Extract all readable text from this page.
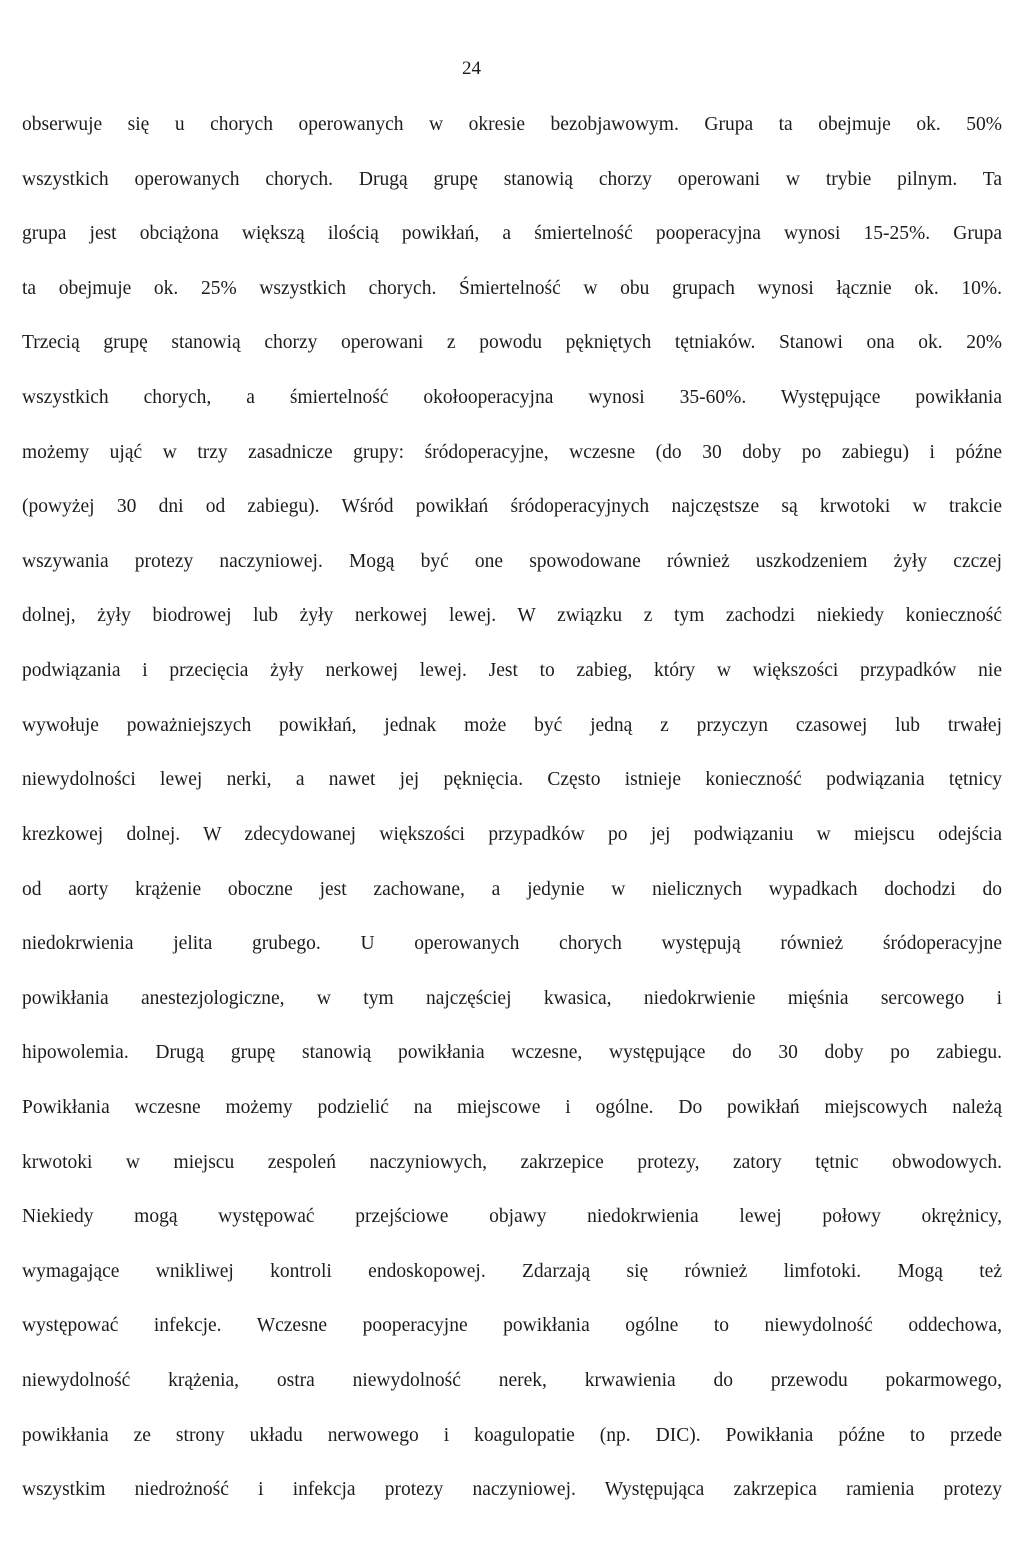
24

obserwuje się u chorych operowanych w okresie bezobjawowym. Grupa ta obejmuje ok. 50%
wszystkich operowanych chorych. Drugą grupę stanowią chorzy operowani w trybie pilnym. Ta
grupa jest obciążona większą ilością powikłań, a śmiertelność pooperacyjna wynosi 15-25%. Grupa
ta obejmuje ok. 25% wszystkich chorych. Śmiertelność w obu grupach wynosi łącznie ok. 10%.
Trzecią grupę stanowią chorzy operowani z powodu pękniętych tętniaków. Stanowi ona ok. 20%
wszystkich chorych, a śmiertelność okołooperacyjna wynosi 35-60%. Występujące powikłania
możemy ująć w trzy zasadnicze grupy: śródoperacyjne, wczesne (do 30 doby po zabiegu) i późne
(powyżej 30 dni od zabiegu). Wśród powikłań śródoperacyjnych najczęstsze są krwotoki w trakcie
wszywania protezy naczyniowej. Mogą być one spowodowane również uszkodzeniem żyły czczej
dolnej, żyły biodrowej lub żyły nerkowej lewej. W związku z tym zachodzi niekiedy konieczność
podwiązania i przecięcia żyły nerkowej lewej. Jest to zabieg, który w większości przypadków nie
wywołuje poważniejszych powikłań, jednak może być jedną z przyczyn czasowej lub trwałej
niewydolności lewej nerki, a nawet jej pęknięcia. Często istnieje konieczność podwiązania tętnicy
krezkowej dolnej. W zdecydowanej większości przypadków po jej podwiązaniu w miejscu odejścia
od aorty krążenie oboczne jest zachowane, a jedynie w nielicznych wypadkach dochodzi do
niedokrwienia jelita grubego. U operowanych chorych występują również śródoperacyjne
powikłania anestezjologiczne, w tym najczęściej kwasica, niedokrwienie mięśnia sercowego i
hipowolemia. Drugą grupę stanowią powikłania wczesne, występujące do 30 doby po zabiegu.
Powikłania wczesne możemy podzielić na miejscowe i ogólne. Do powikłań miejscowych należą
krwotoki w miejscu zespoleń naczyniowych, zakrzepice protezy, zatory tętnic obwodowych.
Niekiedy mogą występować przejściowe objawy niedokrwienia lewej połowy okrężnicy,
wymagające wnikliwej kontroli endoskopowej. Zdarzają się również limfotoki. Mogą też
występować infekcje. Wczesne pooperacyjne powikłania ogólne to niewydolność oddechowa,
niewydolność krążenia, ostra niewydolność nerek, krwawienia do przewodu pokarmowego,
powikłania ze strony układu nerwowego i koagulopatie (np. DIC). Powikłania późne to przede
wszystkim niedrożność i infekcja protezy naczyniowej. Występująca zakrzepica ramienia protezy
